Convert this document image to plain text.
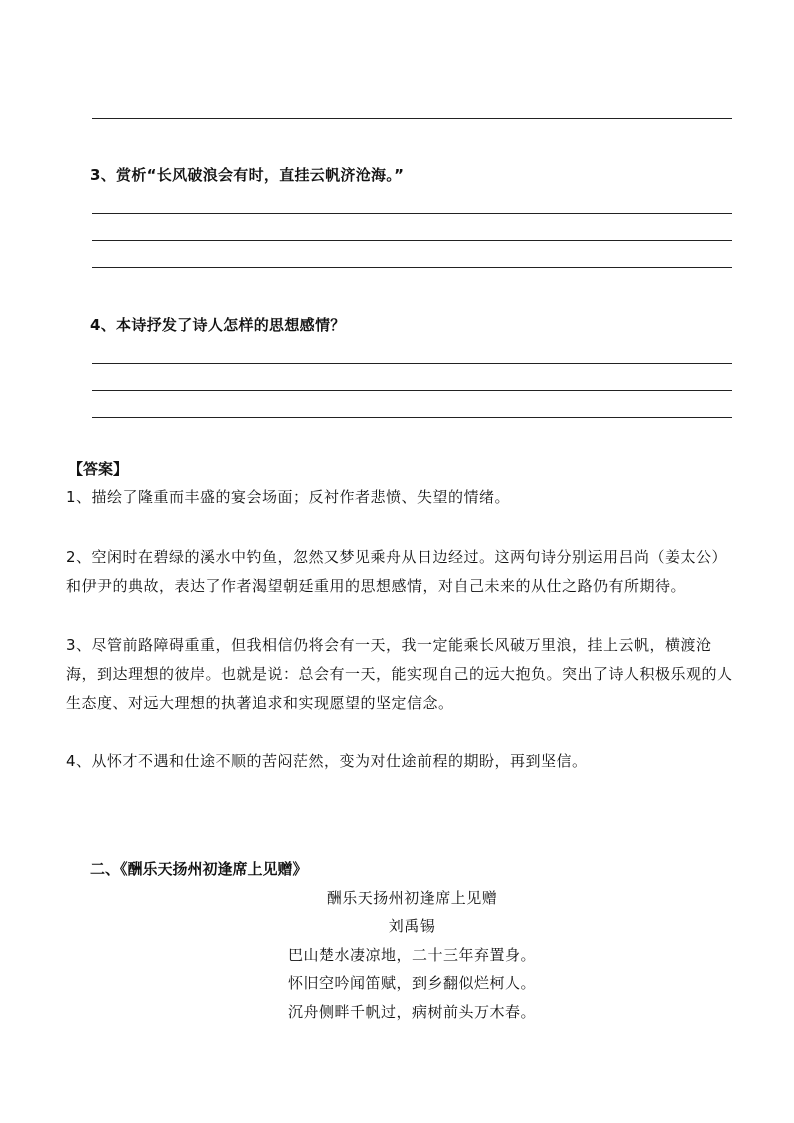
3、赏析“长风破浪会有时，直挂云帆济沧海。”
4、本诗抒发了诗人怎样的思想感情？
【答案】

1、描绘了隆重而丰盛的宴会场面；反衬作者悲愤、失望的情绪。

2、空闲时在碧绿的溪水中钓鱼，忽然又梦见乘舟从日边经过。这两句诗分别运用吕尚（姜太公）和伊尹的典故，表达了作者渴望朝廷重用的思想感情，对自己未来的从仕之路仍有所期待。

3、尽管前路障碍重重，但我相信仍将会有一天，我一定能乘长风破万里浪，挂上云帆，横渡沧海，到达理想的彼岸。也就是说：总会有一天，能实现自己的远大抱负。突出了诗人积极乐观的人生态度、对远大理想的执著追求和实现愿望的坚定信念。

4、从怀才不遇和仕途不顺的苦闷茫然，变为对仕途前程的期盼，再到坚信。

二、《酬乐天扬州初逢席上见赠》
酬乐天扬州初逢席上见赠
刘禹锡
巴山楚水凄凉地，二十三年弃置身。
怀旧空吟闻笛赋，到乡翻似烂柯人。
沉舟侧畔千帆过，病树前头万木春。
